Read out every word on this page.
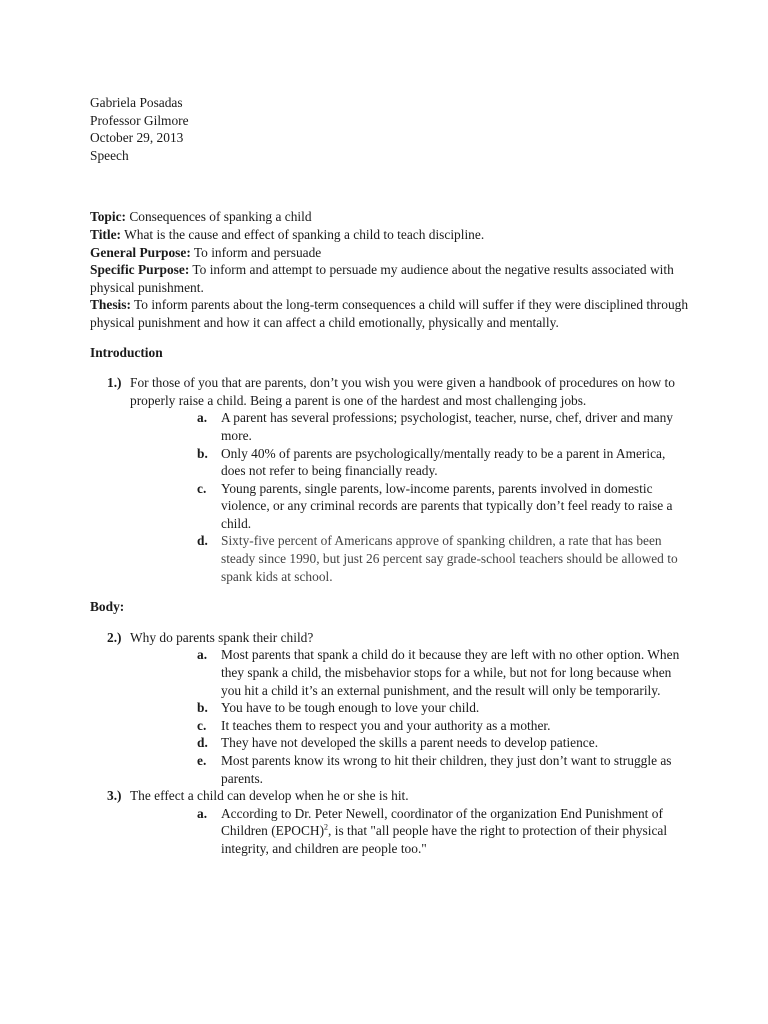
Gabriela Posadas
Professor Gilmore
October 29, 2013
Speech
Topic: Consequences of spanking a child
Title: What is the cause and effect of spanking a child to teach discipline.
General Purpose: To inform and persuade
Specific Purpose: To inform and attempt to persuade my audience about the negative results associated with physical punishment.
Thesis: To inform parents about the long-term consequences a child will suffer if they were disciplined through physical punishment and how it can affect a child emotionally, physically and mentally.
Introduction
1.) For those of you that are parents, don’t you wish you were given a handbook of procedures on how to properly raise a child. Being a parent is one of the hardest and most challenging jobs.
a. A parent has several professions; psychologist, teacher, nurse, chef, driver and many more.
b. Only 40% of parents are psychologically/mentally ready to be a parent in America, does not refer to being financially ready.
c. Young parents, single parents, low-income parents, parents involved in domestic violence, or any criminal records are parents that typically don’t feel ready to raise a child.
d. Sixty-five percent of Americans approve of spanking children, a rate that has been steady since 1990, but just 26 percent say grade-school teachers should be allowed to spank kids at school.
Body:
2.) Why do parents spank their child?
a. Most parents that spank a child do it because they are left with no other option. When they spank a child, the misbehavior stops for a while, but not for long because when you hit a child it’s an external punishment, and the result will only be temporarily.
b. You have to be tough enough to love your child.
c. It teaches them to respect you and your authority as a mother.
d. They have not developed the skills a parent needs to develop patience.
e. Most parents know its wrong to hit their children, they just don’t want to struggle as parents.
3.) The effect a child can develop when he or she is hit.
a. According to Dr. Peter Newell, coordinator of the organization End Punishment of Children (EPOCH)$^2$, is that "all people have the right to protection of their physical integrity, and children are people too."
